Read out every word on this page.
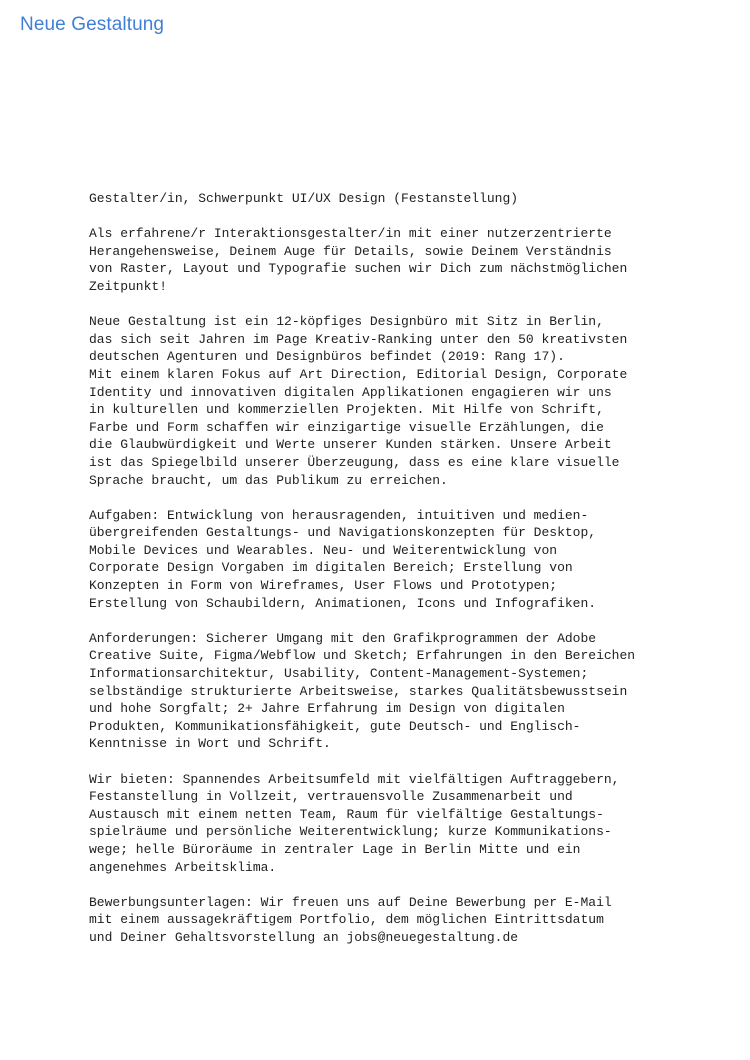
Neue Gestaltung
Gestalter/in, Schwerpunkt UI/UX Design (Festanstellung)
Als erfahrene/r Interaktionsgestalter/in mit einer nutzerzentrierte
Herangehensweise, Deinem Auge für Details, sowie Deinem Verständnis
von Raster, Layout und Typografie suchen wir Dich zum nächstmöglichen
Zeitpunkt!
Neue Gestaltung ist ein 12-köpfiges Designbüro mit Sitz in Berlin,
das sich seit Jahren im Page Kreativ-Ranking unter den 50 kreativsten
deutschen Agenturen und Designbüros befindet (2019: Rang 17).
Mit einem klaren Fokus auf Art Direction, Editorial Design, Corporate
Identity und innovativen digitalen Applikationen engagieren wir uns
in kulturellen und kommerziellen Projekten. Mit Hilfe von Schrift,
Farbe und Form schaffen wir einzigartige visuelle Erzählungen, die
die Glaubwürdigkeit und Werte unserer Kunden stärken. Unsere Arbeit
ist das Spiegelbild unserer Überzeugung, dass es eine klare visuelle
Sprache braucht, um das Publikum zu erreichen.
Aufgaben: Entwicklung von herausragenden, intuitiven und medien-
übergreifenden Gestaltungs- und Navigationskonzepten für Desktop,
Mobile Devices und Wearables. Neu- und Weiterentwicklung von
Corporate Design Vorgaben im digitalen Bereich; Erstellung von
Konzepten in Form von Wireframes, User Flows und Prototypen;
Erstellung von Schaubildern, Animationen, Icons und Infografiken.
Anforderungen: Sicherer Umgang mit den Grafikprogrammen der Adobe
Creative Suite, Figma/Webflow und Sketch; Erfahrungen in den Bereichen
Informationsarchitektur, Usability, Content-Management-Systemen;
selbständige strukturierte Arbeitsweise, starkes Qualitätsbewusstsein
und hohe Sorgfalt; 2+ Jahre Erfahrung im Design von digitalen
Produkten, Kommunikationsfähigkeit, gute Deutsch- und Englisch-
Kenntnisse in Wort und Schrift.
Wir bieten: Spannendes Arbeitsumfeld mit vielfältigen Auftraggebern,
Festanstellung in Vollzeit, vertrauensvolle Zusammenarbeit und
Austausch mit einem netten Team, Raum für vielfältige Gestaltungs-
spielräume und persönliche Weiterentwicklung; kurze Kommunikations-
wege; helle Büroräume in zentraler Lage in Berlin Mitte und ein
angenehmes Arbeitsklima.
Bewerbungsunterlagen: Wir freuen uns auf Deine Bewerbung per E-Mail
mit einem aussagekräftigem Portfolio, dem möglichen Eintrittsdatum
und Deiner Gehaltsvorstellung an jobs@neuegestaltung.de
